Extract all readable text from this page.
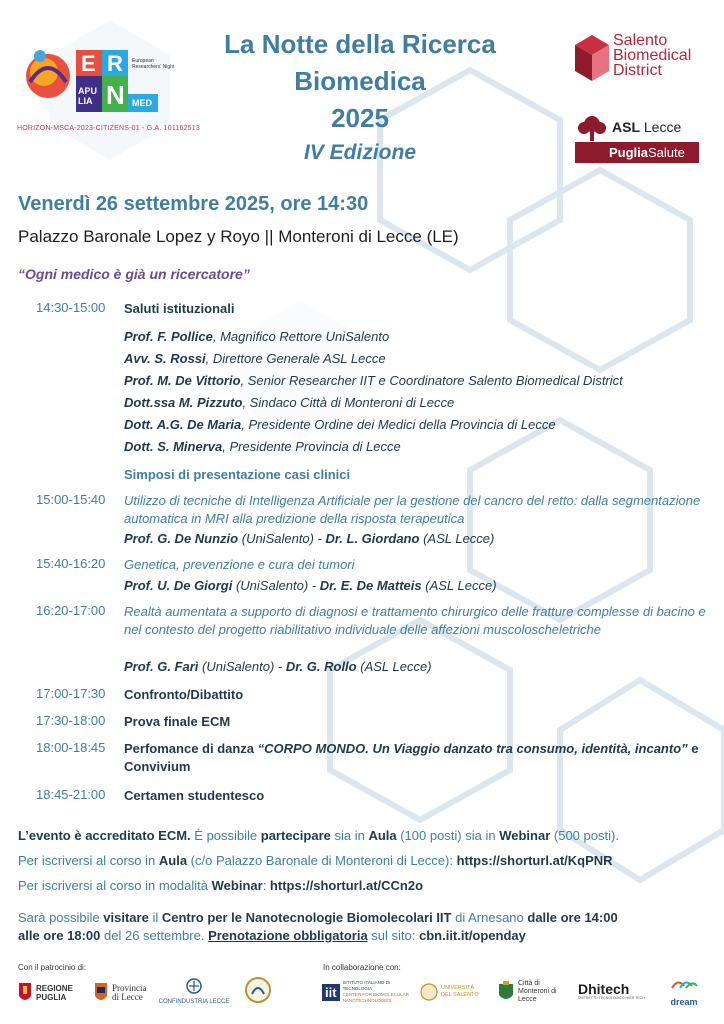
E R
N
APU LIA	MED
European Researchers' Night
HORIZON-MSCA-2023-CITIZENS-01 - G.A. 101162513
La Notte della Ricerca
Biomedica
2025
IV Edizione
Salento
Biomedical
District
ASL Lecce
PugliaSalute
Venerdì 26 settembre 2025, ore 14:30
Palazzo Baronale Lopez y Royo || Monteroni di Lecce (LE)
“Ogni medico è già un ricercatore”
14:30-15:00 Saluti istituzionali
Prof. F. Pollice, Magnifico Rettore UniSalento
Avv. S. Rossi, Direttore Generale ASL Lecce
Prof. M. De Vittorio, Senior Researcher IIT e Coordinatore Salento Biomedical District
Dott.ssa M. Pizzuto, Sindaco Città di Monteroni di Lecce
Dott. A.G. De Maria, Presidente Ordine dei Medici della Provincia di Lecce
Dott. S. Minerva, Presidente Provincia di Lecce
Simposi di presentazione casi clinici
15:00-15:40 Utilizzo di tecniche di Intelligenza Artificiale per la gestione del cancro del retto: dalla segmentazione automatica in MRI alla predizione della risposta terapeutica
Prof. G. De Nunzio (UniSalento) - Dr. L. Giordano (ASL Lecce)
15:40-16:20 Genetica, prevenzione e cura dei tumori
Prof. U. De Giorgi (UniSalento) - Dr. E. De Matteis (ASL Lecce)
16:20-17:00 Realtà aumentata a supporto di diagnosi e trattamento chirurgico delle fratture complesse di bacino e nel contesto del progetto riabilitativo individuale delle affezioni muscoloscheletriche
Prof. G. Farì (UniSalento) - Dr. G. Rollo (ASL Lecce)
17:00-17:30 Confronto/Dibattito
17:30-18:00 Prova finale ECM
18:00-18:45 Perfomance di danza “CORPO MONDO. Un Viaggio danzato tra consumo, identità, incanto” e Convivium
18:45-21:00 Certamen studentesco
L’evento è accreditato ECM. È possibile partecipare sia in Aula (100 posti) sia in Webinar (500 posti).
Per iscriversi al corso in Aula (c/o Palazzo Baronale di Monteroni di Lecce): https://shorturl.at/KqPNR
Per iscriversi al corso in modalità Webinar: https://shorturl.at/CCn2o
Sarà possibile visitare il Centro per le Nanotecnologie Biomolecolari IIT di Arnesano dalle ore 14:00
alle ore 18:00 del 26 settembre. Prenotazione obbligatoria sul sito: cbn.iit.it/openday
Con il patrocinio di:	In collaborazione con:
REGIONE PUGLIA
Provincia di Lecce	CONFINDUSTRIA LECCE
iit
ISTITUTO ITALIANO DI TECNOLOGIA
CENTER FOR BIOMOLECULAR NANOTECHNOLOGIES
UNIVERSITÀ DEL SALENTO
Città di Monteroni di Lecce
Dhitech
DISTRETTO TECNOLOGICO HIGH TECH	dream
